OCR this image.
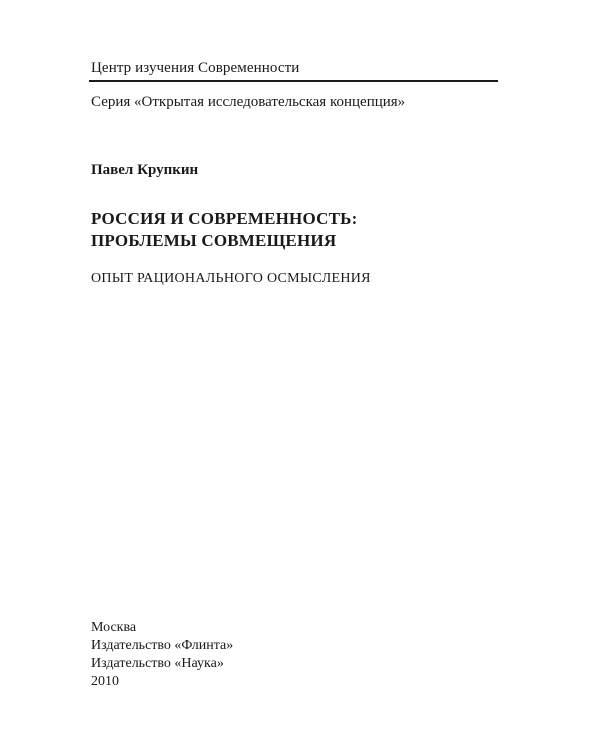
Центр изучения Современности
Серия «Открытая исследовательская концепция»
Павел Крупкин
РОССИЯ И СОВРЕМЕННОСТЬ:
ПРОБЛЕМЫ СОВМЕЩЕНИЯ
ОПЫТ РАЦИОНАЛЬНОГО ОСМЫСЛЕНИЯ
Москва
Издательство «Флинта»
Издательство «Наука»
2010
